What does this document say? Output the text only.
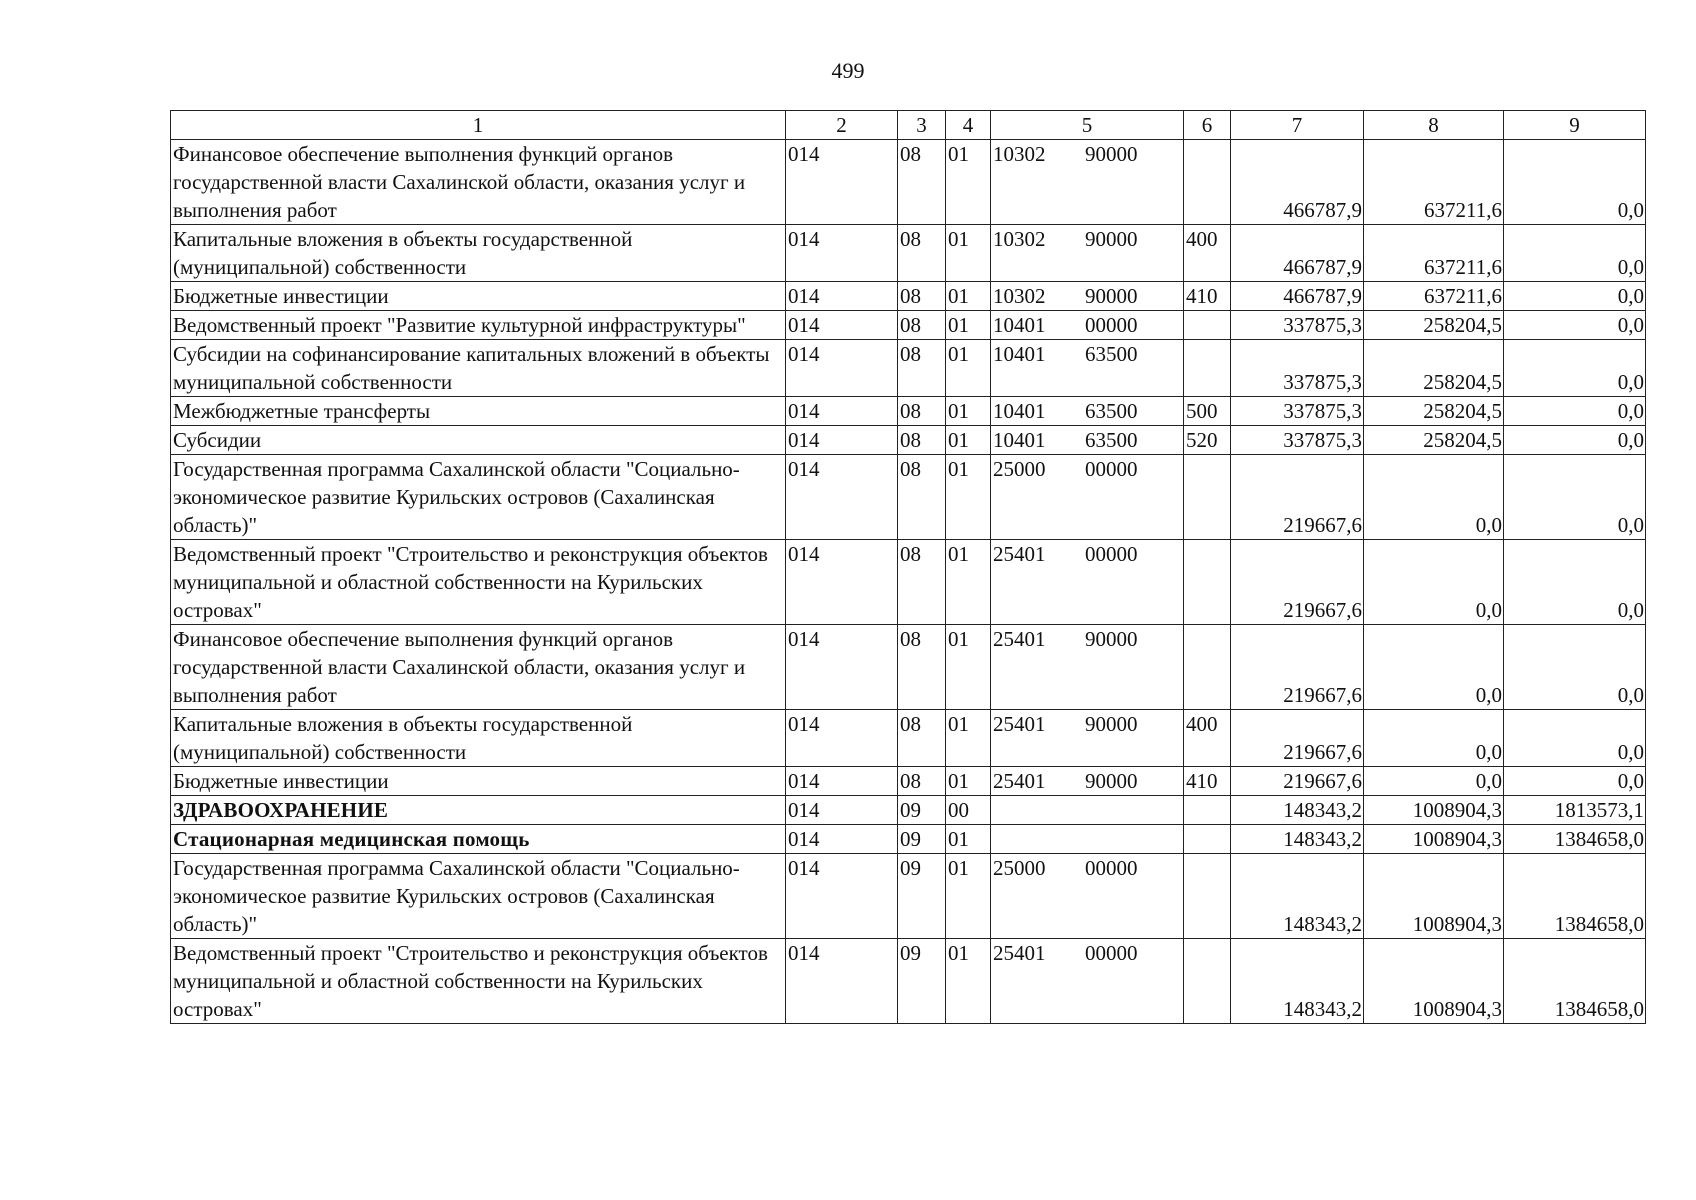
499
1	2	3	4	5	6	7	8	9
Финансовое обеспечение выполнения функций органов государственной власти Сахалинской области, оказания услуг и выполнения работ	014	08	01	10302 90000		466787,9	637211,6	0,0
Капитальные вложения в объекты государственной (муниципальной) собственности	014	08	01	10302 90000	400	466787,9	637211,6	0,0
Бюджетные инвестиции	014	08	01	10302 90000	410	466787,9	637211,6	0,0
Ведомственный проект "Развитие культурной инфраструктуры"	014	08	01	10401 00000		337875,3	258204,5	0,0
Субсидии на софинансирование капитальных вложений в объекты муниципальной собственности	014	08	01	10401 63500		337875,3	258204,5	0,0
Межбюджетные трансферты	014	08	01	10401 63500	500	337875,3	258204,5	0,0
Субсидии	014	08	01	10401 63500	520	337875,3	258204,5	0,0
Государственная программа Сахалинской области "Социально-экономическое развитие Курильских островов (Сахалинская область)"	014	08	01	25000 00000		219667,6	0,0	0,0
Ведомственный проект "Строительство и реконструкция объектов муниципальной и областной собственности на Курильских островах"	014	08	01	25401 00000		219667,6	0,0	0,0
Финансовое обеспечение выполнения функций органов государственной власти Сахалинской области, оказания услуг и выполнения работ	014	08	01	25401 90000		219667,6	0,0	0,0
Капитальные вложения в объекты государственной (муниципальной) собственности	014	08	01	25401 90000	400	219667,6	0,0	0,0
Бюджетные инвестиции	014	08	01	25401 90000	410	219667,6	0,0	0,0
ЗДРАВООХРАНЕНИЕ	014	09	00			148343,2	1008904,3	1813573,1
Стационарная медицинская помощь	014	09	01			148343,2	1008904,3	1384658,0
Государственная программа Сахалинской области "Социально-экономическое развитие Курильских островов (Сахалинская область)"	014	09	01	25000 00000		148343,2	1008904,3	1384658,0
Ведомственный проект "Строительство и реконструкция объектов муниципальной и областной собственности на Курильских островах"	014	09	01	25401 00000		148343,2	1008904,3	1384658,0
